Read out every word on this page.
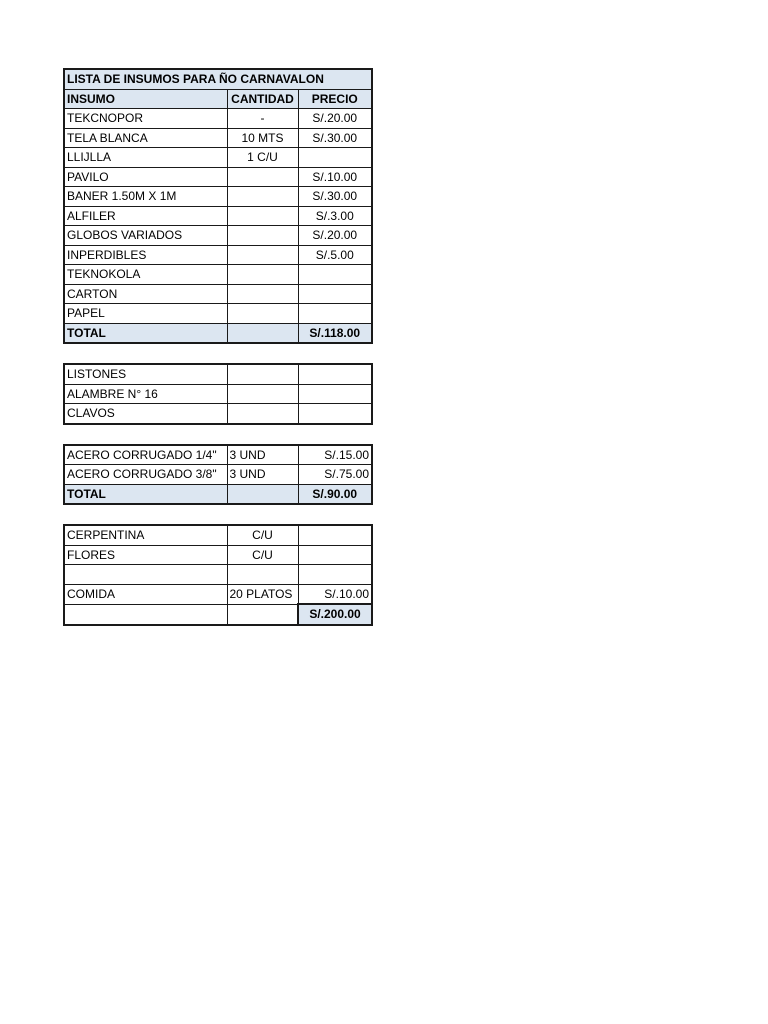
LISTA DE INSUMOS PARA ÑO CARNAVALON		
INSUMO	CANTIDAD	PRECIO
TEKCNOPOR	-	S/.20.00
TELA BLANCA	10 MTS	S/.30.00
LLIJLLA	1 C/U	
PAVILO		S/.10.00
BANER 1.50M X 1M		S/.30.00
ALFILER		S/.3.00
GLOBOS VARIADOS		S/.20.00
INPERDIBLES		S/.5.00
TEKNOKOLA		
CARTON		
PAPEL		
TOTAL		S/.118.00
LISTONES		
ALAMBRE N° 16		
CLAVOS		
ACERO CORRUGADO 1/4"	3 UND	S/.15.00
ACERO CORRUGADO 3/8"	3 UND	S/.75.00
TOTAL		S/.90.00
CERPENTINA	C/U	
FLORES	C/U	

COMIDA	20 PLATOS	S/.10.00
		S/.200.00
